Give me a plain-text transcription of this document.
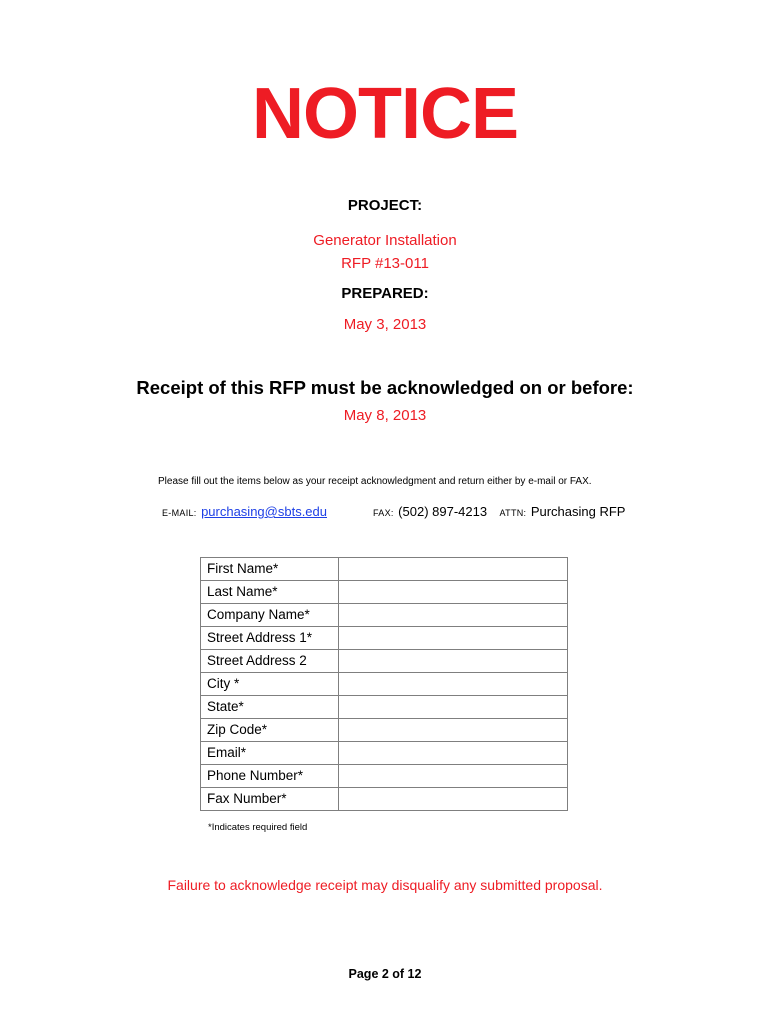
NOTICE
PROJECT:
Generator Installation
RFP #13-011
PREPARED:
May 3, 2013
Receipt of this RFP must be acknowledged on or before:
May 8, 2013
Please fill out the items below as your receipt acknowledgment and return either by e-mail or FAX.
E-MAIL: purchasing@sbts.edu	FAX: (502) 897-4213 ATTN: Purchasing RFP
First Name*	
Last Name*	
Company Name*	
Street Address 1*	
Street Address 2	
City *	
State*	
Zip Code*	
Email*	
Phone Number*	
Fax Number*	
*Indicates required field
Failure to acknowledge receipt may disqualify any submitted proposal.
Page 2 of 12
